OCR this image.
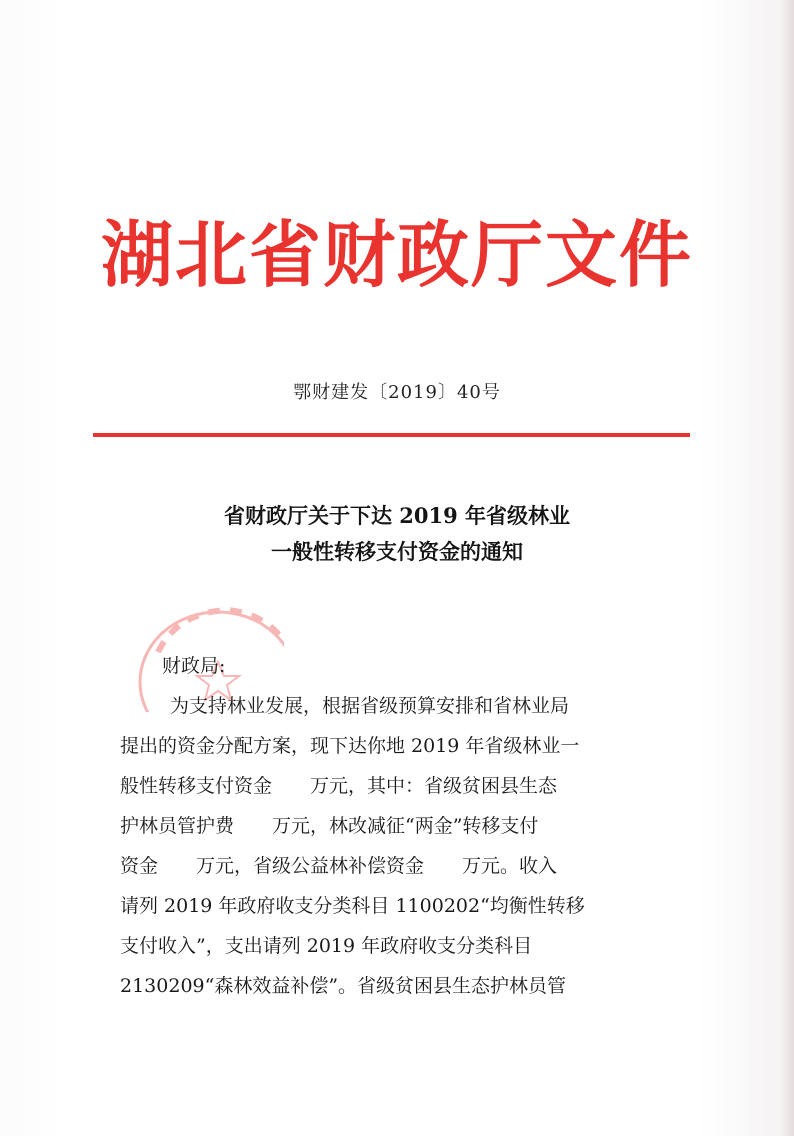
湖北省财政厅文件
鄂财建发〔2019〕40号
省财政厅关于下达 2019 年省级林业
一般性转移支付资金的通知
财政局:
为支持林业发展，根据省级预算安排和省林业局
提出的资金分配方案，现下达你地 2019 年省级林业一
般性转移支付资金　　万元，其中：省级贫困县生态
护林员管护费　　万元，林改减征“两金”转移支付
资金　　万元，省级公益林补偿资金　　万元。收入
请列 2019 年政府收支分类科目 1100202“均衡性转移
支付收入”，支出请列 2019 年政府收支分类科目
2130209“森林效益补偿”。省级贫困县生态护林员管
